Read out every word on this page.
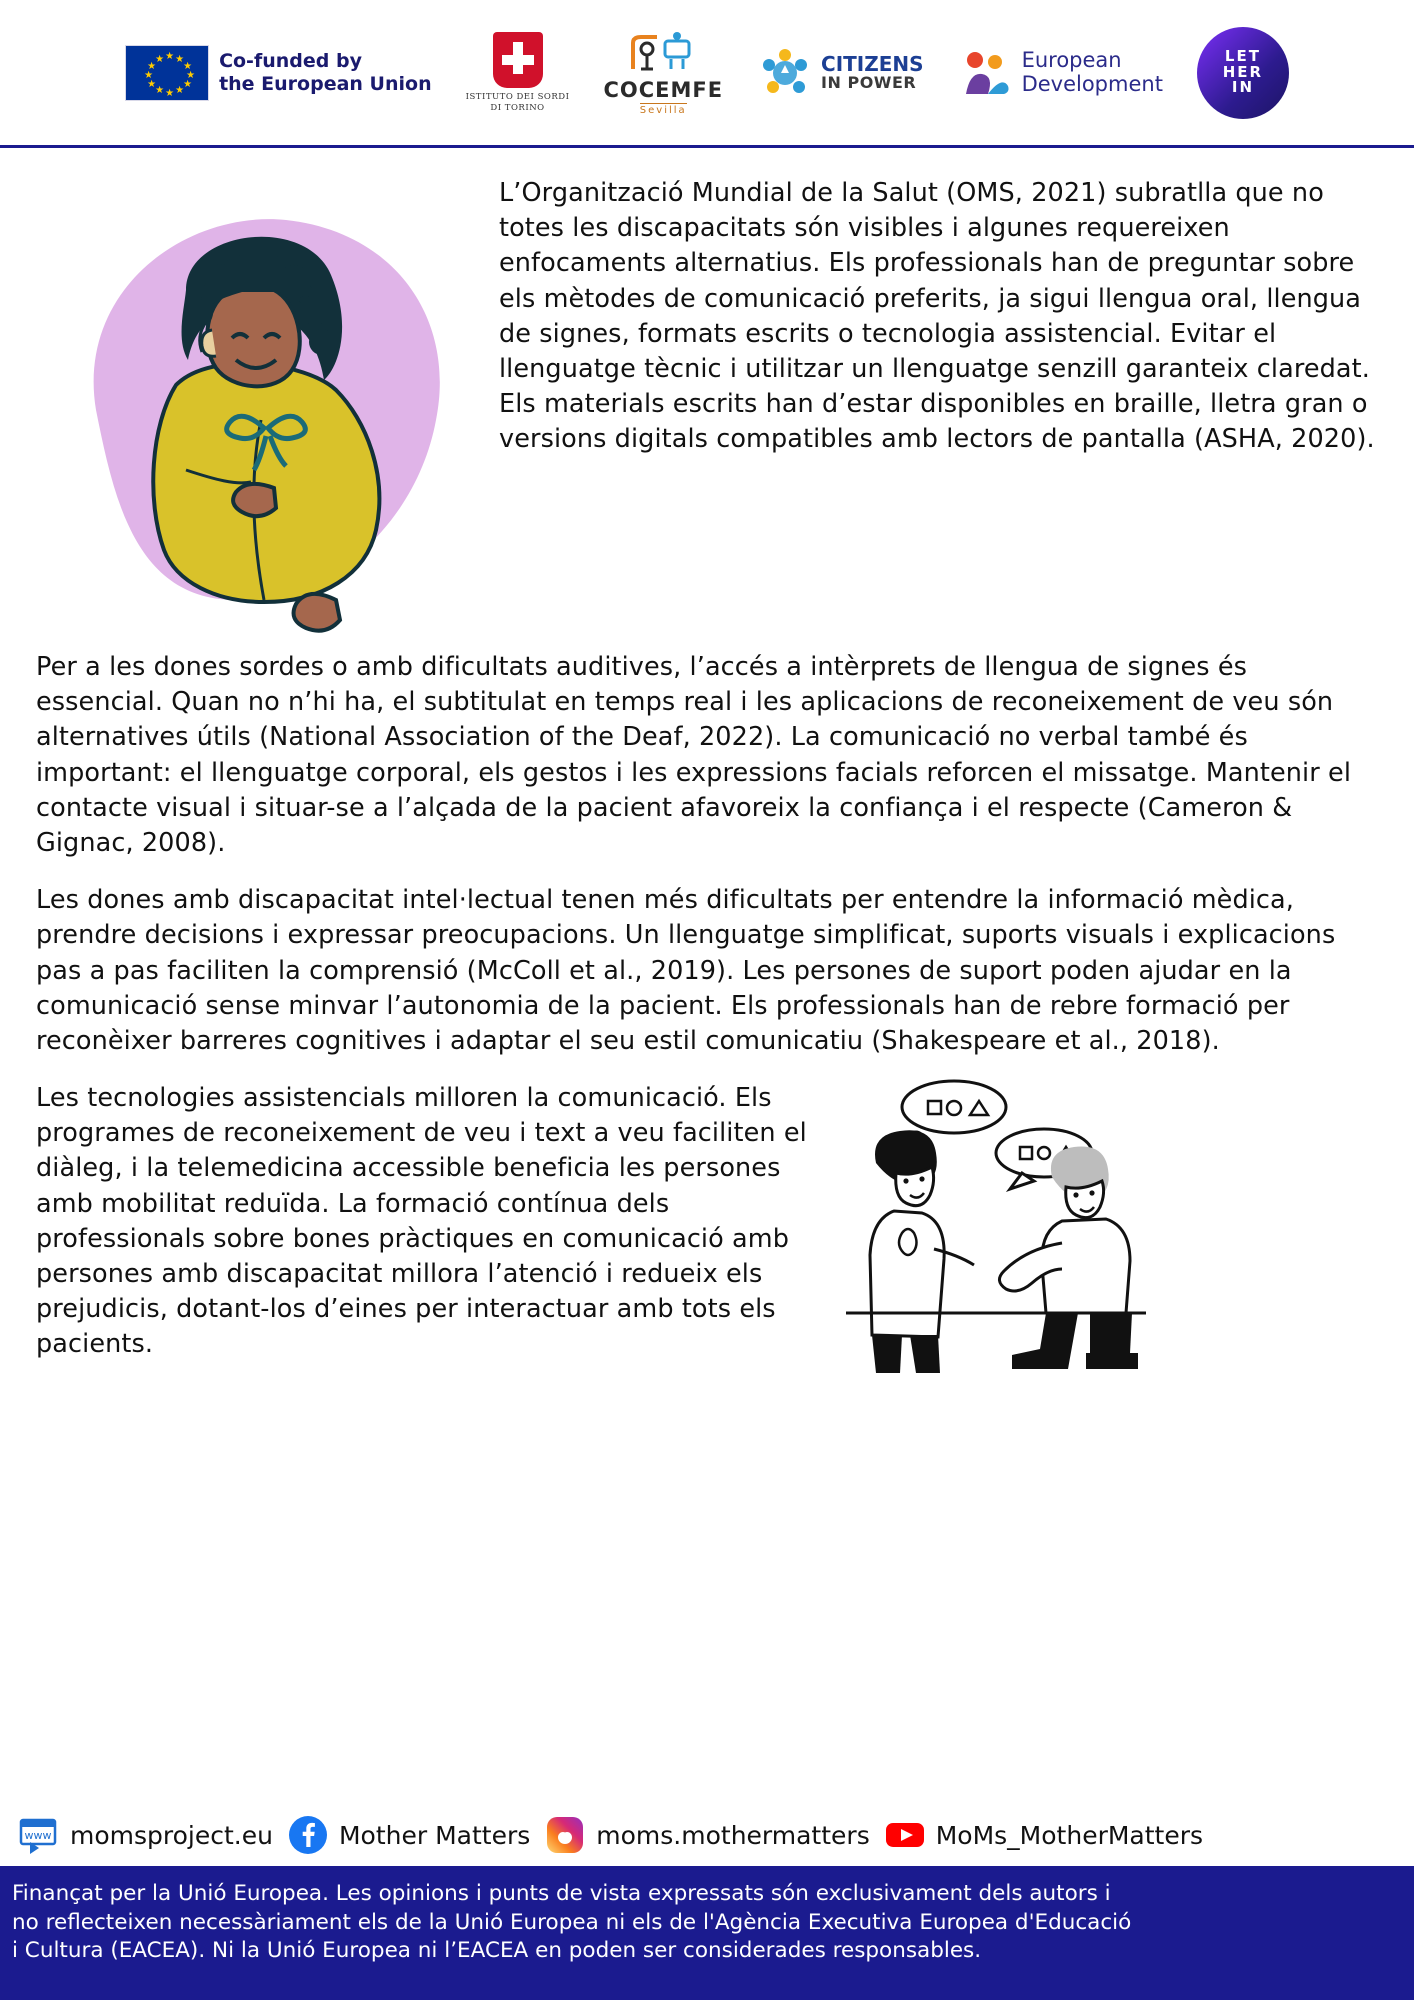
★
★ ★
★	★
★	★
★	★
★ ★
★
Co-funded by
the European Union
ISTITUTO DEI SORDI
DI TORINO
COCEMFE
Sevilla
CITIZENS
IN POWER
European
Development
LET
HER
IN

L’Organització Mundial de la Salut (OMS, 2021) subratlla que no totes les discapacitats són visibles i algunes requereixen enfocaments alternatius. Els professionals han de preguntar sobre els mètodes de comunicació preferits, ja sigui llengua oral, llengua de signes, formats escrits o tecnologia assistencial. Evitar el llenguatge tècnic i utilitzar un llenguatge senzill garanteix claredat. Els materials escrits han d’estar disponibles en braille, lletra gran o versions digitals compatibles amb lectors de pantalla (ASHA, 2020).

Per a les dones sordes o amb dificultats auditives, l’accés a intèrprets de llengua de signes és essencial. Quan no n’hi ha, el subtitulat en temps real i les aplicacions de reconeixement de veu són alternatives útils (National Association of the Deaf, 2022). La comunicació no verbal també és important: el llenguatge corporal, els gestos i les expressions facials reforcen el missatge. Mantenir el contacte visual i situar-se a l’alçada de la pacient afavoreix la confiança i el respecte (Cameron & Gignac, 2008).

Les dones amb discapacitat intel·lectual tenen més dificultats per entendre la informació mèdica, prendre decisions i expressar preocupacions. Un llenguatge simplificat, suports visuals i explicacions pas a pas faciliten la comprensió (McColl et al., 2019). Les persones de suport poden ajudar en la comunicació sense minvar l’autonomia de la pacient. Els professionals han de rebre formació per reconèixer barreres cognitives i adaptar el seu estil comunicatiu (Shakespeare et al., 2018).

Les tecnologies assistencials milloren la comunicació. Els programes de reconeixement de veu i text a veu faciliten el diàleg, i la telemedicina accessible beneficia les persones amb mobilitat reduïda. La formació contínua dels professionals sobre bones pràctiques en comunicació amb persones amb discapacitat millora l’atenció i redueix els prejudicis, dotant-los d’eines per interactuar amb tots els pacients.

www momsproject.eu	Mother Matters	moms.mothermatters	MoMs_MotherMatters
Finançat per la Unió Europea. Les opinions i punts de vista expressats són exclusivament dels autors i
no reflecteixen necessàriament els de la Unió Europea ni els de l'Agència Executiva Europea d'Educació
i Cultura (EACEA). Ni la Unió Europea ni l’EACEA en poden ser considerades responsables.
